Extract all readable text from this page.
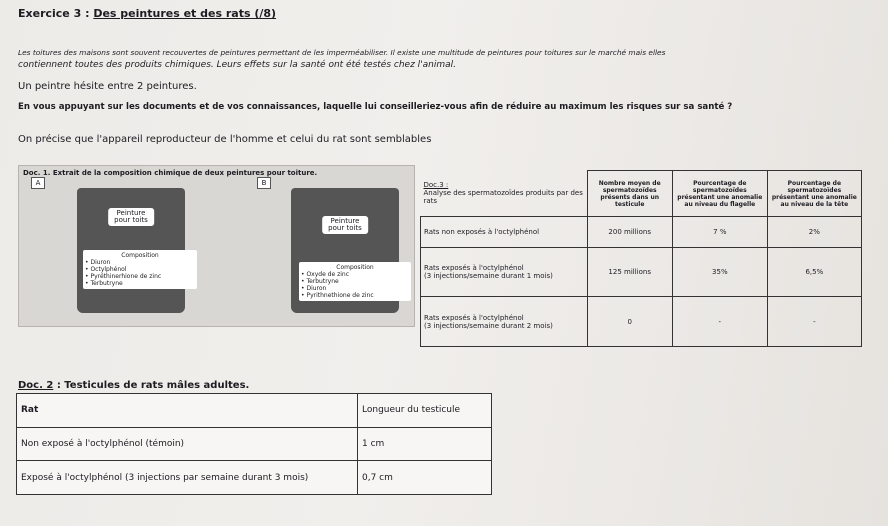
Exercice 3 : Des peintures et des rats (/8)
Les toitures des maisons sont souvent recouvertes de peintures permettant de les imperméabiliser. Il existe une multitude de peintures pour toitures sur le marché mais elles
contiennent toutes des produits chimiques. Leurs effets sur la santé ont été testés chez l'animal.
Un peintre hésite entre 2 peintures.
En vous appuyant sur les documents et de vos connaissances, laquelle lui conseilleriez-vous afin de réduire au maximum les risques sur sa santé ?
On précise que l'appareil reproducteur de l'homme et celui du rat sont semblables
Doc. 1. Extrait de la composition chimique de deux peintures pour toiture.
A	B
Peinture
pour toits
Composition
• Diuron
• Octylphénol
• Pyréthinerhione de zinc
• Terbutryne
Peinture
pour toits
Composition
• Oxyde de zinc
• Terbutryne
• Diuron
• Pyrithnethione de zinc
Doc.3 :
Analyse des spermatozoïdes produits par des rats	Nombre moyen de spermatozoïdes présents dans un testicule	Pourcentage de spermatozoïdes présentant une anomalie au niveau du flagelle	Pourcentage de spermatozoïdes présentant une anomalie au niveau de la tête
Rats non exposés à l'octylphénol	200 millions	7 %	2%

Rats exposés à l'octylphénol
(3 injections/semaine durant 1 mois)	125 millions	35%	6,5%

Rats exposés à l'octylphénol
(3 injections/semaine durant 2 mois)	0	-	-
Doc. 2 : Testicules de rats mâles adultes.
Rat	Longueur du testicule
Non exposé à l'octylphénol (témoin)	1 cm
Exposé à l'octylphénol (3 injections par semaine durant 3 mois)	0,7 cm
